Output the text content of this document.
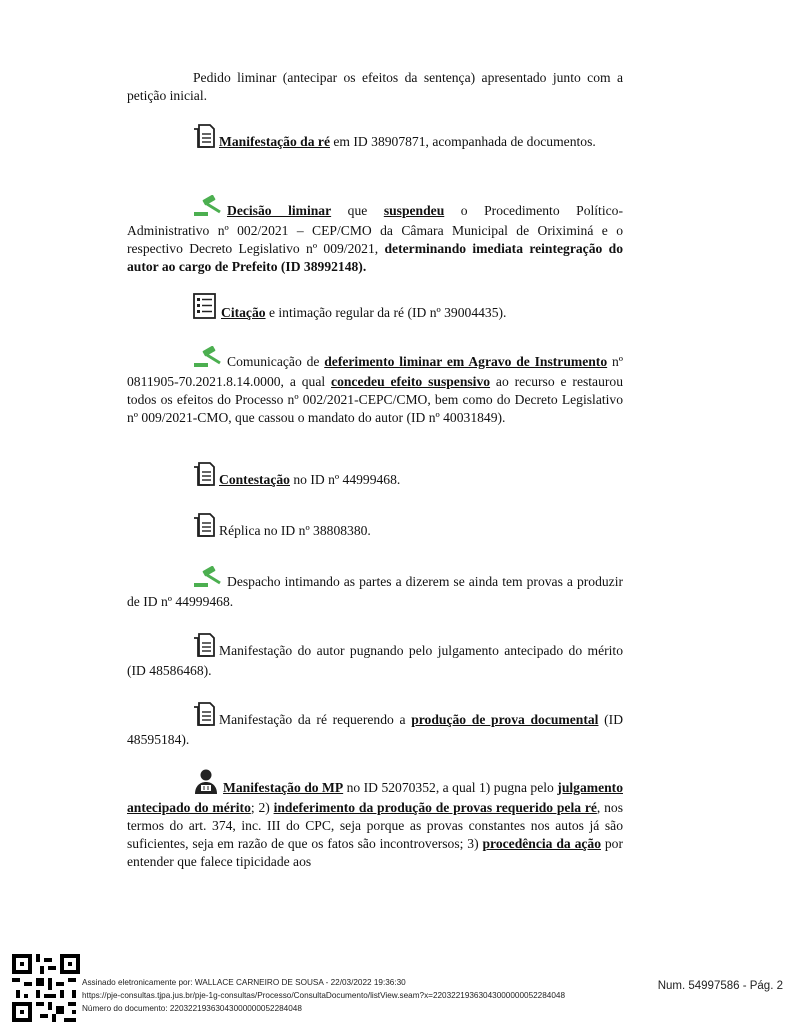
Pedido liminar (antecipar os efeitos da sentença) apresentado junto com a petição inicial.
Manifestação da ré em ID 38907871, acompanhada de documentos.
Decisão liminar que suspendeu o Procedimento Político-Administrativo nº 002/2021 – CEP/CMO da Câmara Municipal de Oriximiná e o respectivo Decreto Legislativo nº 009/2021, determinando imediata reintegração do autor ao cargo de Prefeito (ID 38992148).
Citação e intimação regular da ré (ID nº 39004435).
Comunicação de deferimento liminar em Agravo de Instrumento nº 0811905-70.2021.8.14.0000, a qual concedeu efeito suspensivo ao recurso e restaurou todos os efeitos do Processo nº 002/2021-CEPC/CMO, bem como do Decreto Legislativo nº 009/2021-CMO, que cassou o mandato do autor (ID nº 40031849).
Contestação no ID nº 44999468.
Réplica no ID nº 38808380.
Despacho intimando as partes a dizerem se ainda tem provas a produzir de ID nº 44999468.
Manifestação do autor pugnando pelo julgamento antecipado do mérito (ID 48586468).
Manifestação da ré requerendo a produção de prova documental (ID 48595184).
Manifestação do MP no ID 52070352, a qual 1) pugna pelo julgamento antecipado do mérito; 2) indeferimento da produção de provas requerido pela ré, nos termos do art. 374, inc. III do CPC, seja porque as provas constantes nos autos já são suficientes, seja em razão de que os fatos são incontroversos; 3) procedência da ação por entender que falece tipicidade aos
Assinado eletronicamente por: WALLACE CARNEIRO DE SOUSA - 22/03/2022 19:36:30
https://pje-consultas.tjpa.jus.br/pje-1g-consultas/Processo/ConsultaDocumento/listView.seam?x=22032219363043000000052284048
Número do documento: 22032219363043000000052284048
Num. 54997586 - Pág. 2
